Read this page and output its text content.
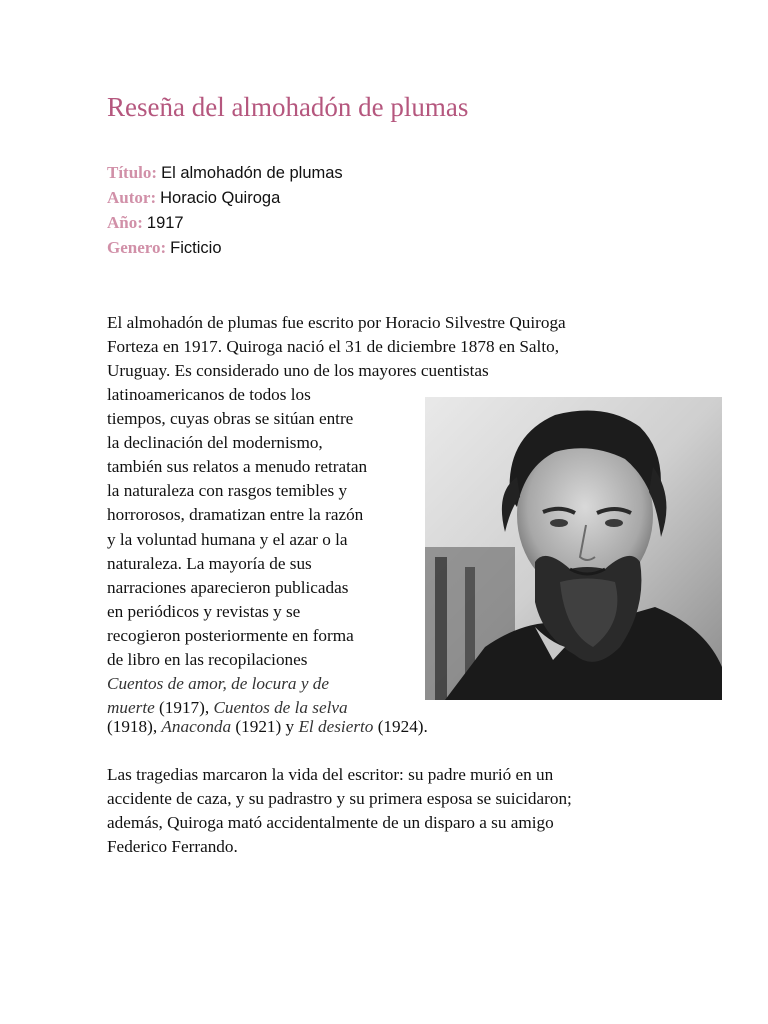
Reseña del almohadón de plumas
Título: El almohadón de plumas
Autor: Horacio Quiroga
Año: 1917
Genero: Ficticio
El almohadón de plumas fue escrito por Horacio Silvestre Quiroga
Forteza en 1917. Quiroga nació el 31 de diciembre 1878 en Salto,
Uruguay. Es considerado uno de los mayores cuentistas
latinoamericanos de todos los
tiempos, cuyas obras se sitúan entre
la declinación del modernismo,
también sus relatos a menudo retratan
la naturaleza con rasgos temibles y
horrorosos, dramatizan entre la razón
y la voluntad humana y el azar o la
naturaleza. La mayoría de sus
narraciones aparecieron publicadas
en periódicos y revistas y se
recogieron posteriormente en forma
de libro en las recopilaciones
Cuentos de amor, de locura y de
muerte (1917), Cuentos de la selva
(1918), Anaconda (1921) y El desierto (1924).
Las tragedias marcaron la vida del escritor: su padre murió en un
accidente de caza, y su padrastro y su primera esposa se suicidaron;
además, Quiroga mató accidentalmente de un disparo a su amigo
Federico Ferrando.
